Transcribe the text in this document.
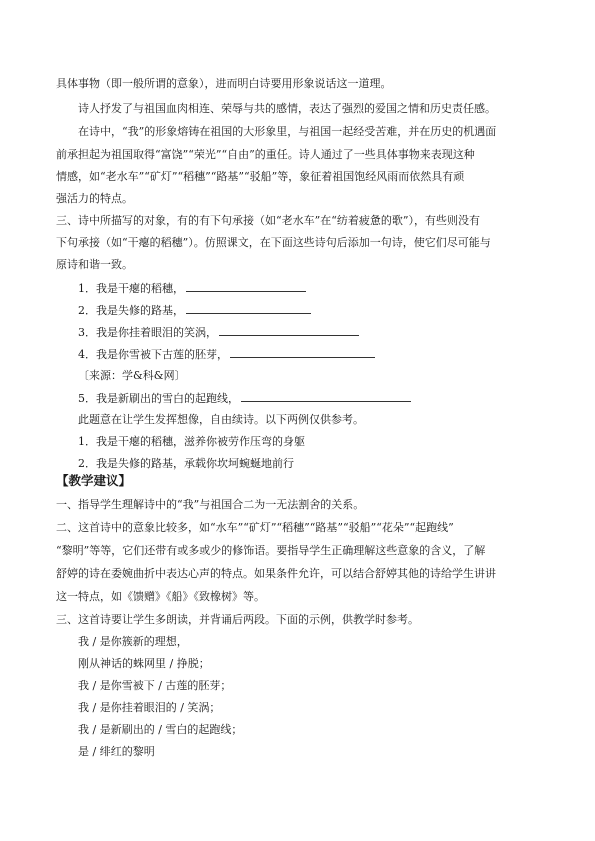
具体事物（即一般所谓的意象），进而明白诗要用形象说话这一道理。
诗人抒发了与祖国血肉相连、荣辱与共的感情，表达了强烈的爱国之情和历史责任感。
在诗中，“我”的形象熔铸在祖国的大形象里，与祖国一起经受苦难，并在历史的机遇面
前承担起为祖国取得“富饶”“荣光”“自由”的重任。诗人通过了一些具体事物来表现这种
情感，如“老水车”“矿灯”“稻穗”“路基”“驳船”等，象征着祖国饱经风雨而依然具有顽
强活力的特点。
三、诗中所描写的对象，有的有下句承接（如“老水车”在“纺着疲惫的歌”），有些则没有
下句承接（如“干瘪的稻穗”）。仿照课文，在下面这些诗句后添加一句诗，使它们尽可能与
原诗和谐一致。
1．我是干瘪的稻穗，
2．我是失修的路基，
3．我是你挂着眼泪的笑涡，
4．我是你雪被下古莲的胚芽，
〔来源：学&科&网〕
5．我是新刷出的雪白的起跑线，
此题意在让学生发挥想像，自由续诗。以下两例仅供参考。
1．我是干瘪的稻穗，滋养你被劳作压弯的身躯
2．我是失修的路基，承载你坎坷蜿蜒地前行
【教学建议】
一、指导学生理解诗中的“我”与祖国合二为一无法割舍的关系。
二、这首诗中的意象比较多，如“水车”“矿灯”“稻穗”“路基”“驳船”“花朵”“起跑线”
“黎明”等等，它们还带有或多或少的修饰语。要指导学生正确理解这些意象的含义，了解
舒婷的诗在委婉曲折中表达心声的特点。如果条件允许，可以结合舒婷其他的诗给学生讲讲
这一特点，如《馈赠》《船》《致橡树》等。
三、这首诗要让学生多朗读，并背诵后两段。下面的示例，供教学时参考。
我 / 是你簇新的理想，
刚从神话的蛛网里 / 挣脱；
我 / 是你雪被下 / 古莲的胚芽；
我 / 是你挂着眼泪的 / 笑涡；
我 / 是新刷出的 / 雪白的起跑线；
是 / 绯红的黎明
